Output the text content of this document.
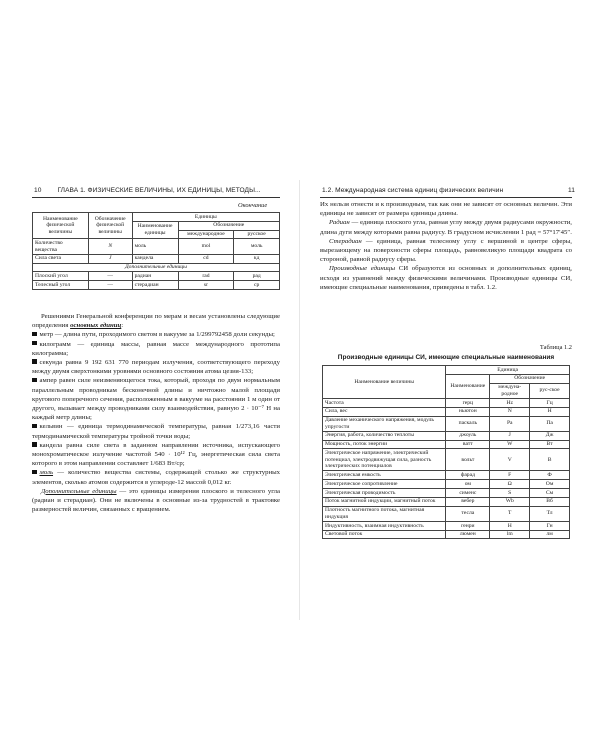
10 ГЛАВА 1. ФИЗИЧЕСКИЕ ВЕЛИЧИНЫ, ИХ ЕДИНИЦЫ, МЕТОДЫ...
Окончание
Наименование физической величины	Обозначение физической величины	Единицы		
		Наименование единицы	Обозначение	
			международное	русское
Количество вещества	N	моль	mol	моль
Сила света	J	кандела	cd	кд
Дополнительные единицы				
Плоский угол	—	радиан	rad	рад
Телесный угол	—	стерадиан	sr	ср

Решениями Генеральной конференции по мерам и весам установлены следующие определения основных единиц:

метр — длина пути, проходимого светом в вакууме за 1/299792458 доли секунды;

килограмм — единица массы, равная массе международного прототипа килограмма;

секунда равна 9 192 631 770 периодам излучения, соответствующего переходу между двумя сверхтонкими уровнями основного состояния атома цезия-133;

ампер равен силе неизменяющегося тока, который, проходя по двум нормальным параллельным проводникам бесконечной длины и ничтожно малой площади кругового поперечного сечения, расположенным в вакууме на расстоянии 1 м один от другого, вызывает между проводниками силу взаимодействия, равную 2 · 10⁻⁷ Н на каждый метр длины;

кельвин — единица термодинамической температуры, равная 1/273,16 части термодинамической температуры тройной точки воды;

кандела равна силе света в заданном направлении источника, испускающего монохроматическое излучение частотой 540 · 10¹² Гц, энергетическая сила света которого в этом направлении составляет 1/683 Вт/ср;

моль — количество вещества системы, содержащей столько же структурных элементов, сколько атомов содержится в углероде-12 массой 0,012 кг.

Дополнительные единицы — это единицы измерения плоского и телесного угла (радиан и стерадиан). Они не включены в основные из-за трудностей в трактовке размерностей величин, связанных с вращением.

1.2. Международная система единиц физических величин	11

Их нельзя отнести и к производным, так как они не зависят от основных величин. Эти единицы не зависят от размера единицы длины.

Радиан — единица плоского угла, равная углу между двумя радиусами окружности, длина дуги между которыми равна радиусу. В градусном исчислении 1 рад = 57°17′45″.

Стерадиан — единица, равная телесному углу с вершиной в центре сферы, вырезающему на поверхности сферы площадь, равновеликую площади квадрата со стороной, равной радиусу сферы.

Производные единицы СИ образуются из основных и дополнительных единиц, исходя из уравнений между физическими величинами. Производные единицы СИ, имеющие специальные наименования, приведены в табл. 1.2.

Таблица 1.2
Производные единицы СИ, имеющие специальные наименования
Наименование величины	Единица		
	Наименование	Обозначение	
		междуна-родное	рус-ское
Частота	герц	Hz	Гц
Сила, вес	ньютон	N	Н
Давление механического напряжения, модуль упругости	паскаль	Pa	Па
Энергия, работа, количество теплоты	джоуль	J	Дж
Мощность, поток энергии	ватт	W	Вт
Электрическое напряжение, электрический потенциал, электродвижущая сила, разность электрических потенциалов	вольт	V	В
Электрическая емкость	фарад	F	Ф
Электрическое сопротивление	ом	Ω	Ом
Электрическая проводимость	сименс	S	См
Поток магнитной индукции, магнитный поток	вебер	Wb	Вб
Плотность магнитного потока, магнитная индукция	тесла	T	Тл
Индуктивность, взаимная индуктивность	генри	H	Гн
Световой поток	люмен	lm	лм
